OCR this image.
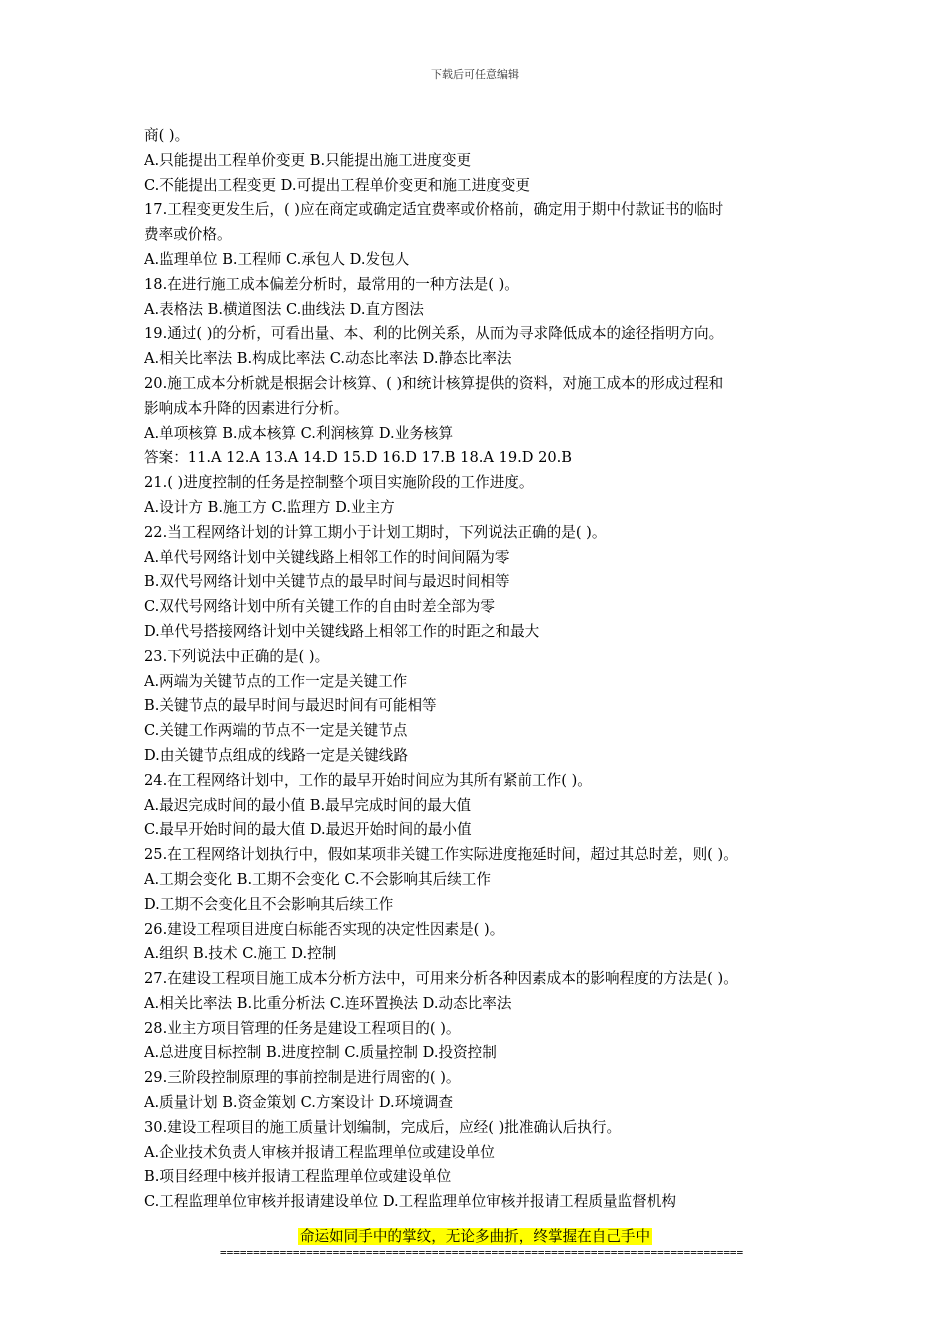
下载后可任意编辑
商( )。
A.只能提出工程单价变更 B.只能提出施工进度变更
C.不能提出工程变更 D.可提出工程单价变更和施工进度变更
17.工程变更发生后，( )应在商定或确定适宜费率或价格前，确定用于期中付款证书的临时
费率或价格。
A.监理单位 B.工程师 C.承包人 D.发包人
18.在进行施工成本偏差分析时，最常用的一种方法是( )。
A.表格法 B.横道图法 C.曲线法 D.直方图法
19.通过( )的分析，可看出量、本、利的比例关系，从而为寻求降低成本的途径指明方向。
A.相关比率法 B.构成比率法 C.动态比率法 D.静态比率法
20.施工成本分析就是根据会计核算、( )和统计核算提供的资料，对施工成本的形成过程和
影响成本升降的因素进行分析。
A.单项核算 B.成本核算 C.利润核算 D.业务核算
答案：11.A 12.A 13.A 14.D 15.D 16.D 17.B 18.A 19.D 20.B
21.( )进度控制的任务是控制整个项目实施阶段的工作进度。
A.设计方 B.施工方 C.监理方 D.业主方
22.当工程网络计划的计算工期小于计划工期时，下列说法正确的是( )。
A.单代号网络计划中关键线路上相邻工作的时间间隔为零
B.双代号网络计划中关键节点的最早时间与最迟时间相等
C.双代号网络计划中所有关键工作的自由时差全部为零
D.单代号搭接网络计划中关键线路上相邻工作的时距之和最大
23.下列说法中正确的是( )。
A.两端为关键节点的工作一定是关键工作
B.关键节点的最早时间与最迟时间有可能相等
C.关键工作两端的节点不一定是关键节点
D.由关键节点组成的线路一定是关键线路
24.在工程网络计划中，工作的最早开始时间应为其所有紧前工作( )。
A.最迟完成时间的最小值 B.最早完成时间的最大值
C.最早开始时间的最大值 D.最迟开始时间的最小值
25.在工程网络计划执行中，假如某项非关键工作实际进度拖延时间，超过其总时差，则( )。
A.工期会变化 B.工期不会变化 C.不会影响其后续工作
D.工期不会变化且不会影响其后续工作
26.建设工程项目进度白标能否实现的决定性因素是( )。
A.组织 B.技术 C.施工 D.控制
27.在建设工程项目施工成本分析方法中，可用来分析各种因素成本的影响程度的方法是( )。
A.相关比率法 B.比重分析法 C.连环置换法 D.动态比率法
28.业主方项目管理的任务是建设工程项目的( )。
A.总进度目标控制 B.进度控制 C.质量控制 D.投资控制
29.三阶段控制原理的事前控制是进行周密的( )。
A.质量计划 B.资金策划 C.方案设计 D.环境调查
30.建设工程项目的施工质量计划编制，完成后，应经( )批准确认后执行。
A.企业技术负责人审核并报请工程监理单位或建设单位
B.项目经理中核并报请工程监理单位或建设单位
C.工程监理单位审核并报请建设单位 D.工程监理单位审核并报请工程质量监督机构
命运如同手中的掌纹，无论多曲折，终掌握在自己手中
===============================================================================
